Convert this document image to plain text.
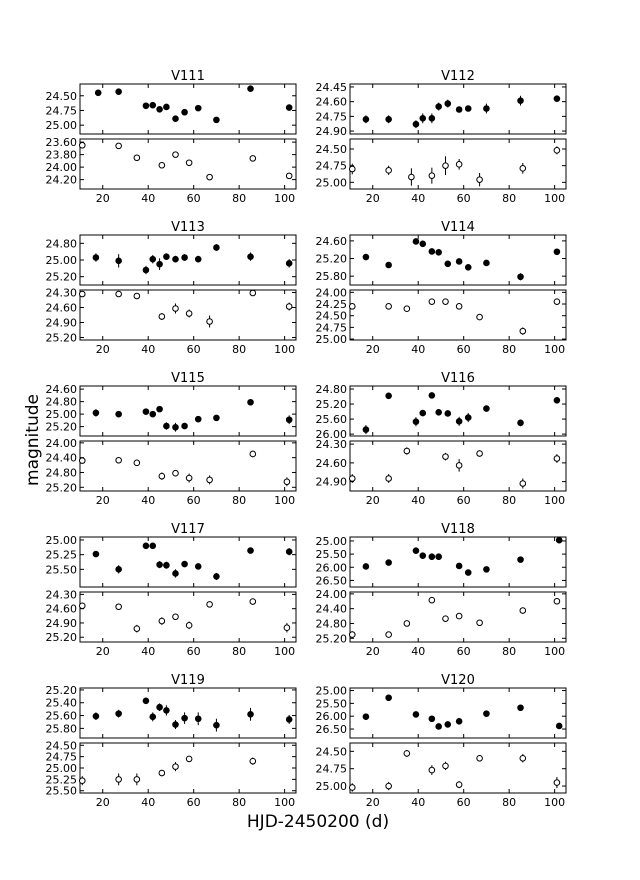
V111
24.50
24.75
25.00
23.60
23.80
24.00
24.20
20	40	60	80	100
V112
24.45
24.60
24.75
24.90
24.50
24.75
25.00
20	40	60	80	100
V113
24.80
25.00
25.20
24.30
24.60
24.90
25.20
20	40	60	80	100
V114
24.60
25.20
25.80
24.00
24.25
24.50
24.75
25.00
20	40	60	80	100
V115
24.60
24.80
25.00
25.20
24.00
24.40
24.80
25.20
20	40	60	80	100
V116
24.80
25.20
25.60
26.00
24.30
24.60
24.90
20	40	60	80	100
V117
25.00
25.25
25.50
24.30
24.60
24.90
25.20
20	40	60	80	100
V118
25.00
25.50
26.00
26.50
24.00
24.40
24.80
25.20
20	40	60	80	100
V119
25.20
25.40
25.60
25.80
24.50
24.75
25.00
25.25
25.50
20	40	60	80	100
V120
25.00
25.50
26.00
26.50
24.50
24.75
25.00
20	40	60	80	100
magnitude
HJD-2450200 (d)
